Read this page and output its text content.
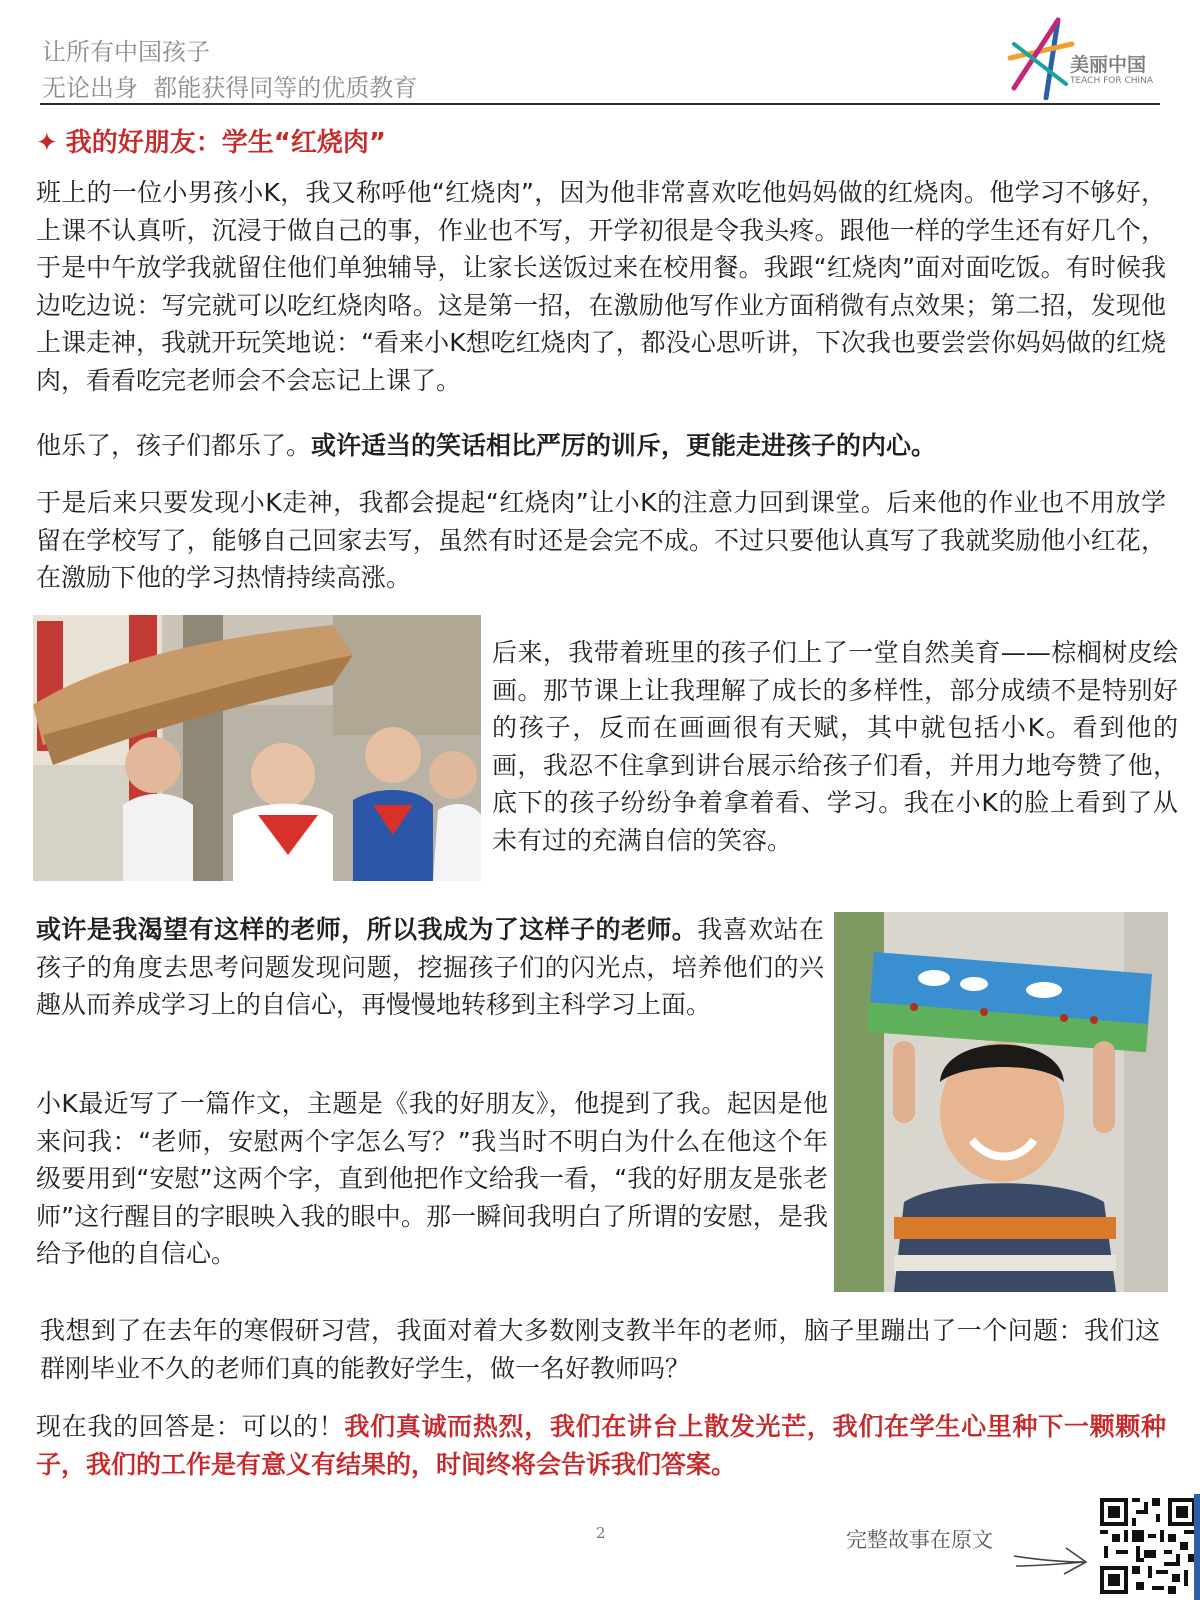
让所有中国孩子
无论出身  都能获得同等的优质教育
美丽中国
TEACH FOR CHINA
✦ 我的好朋友：学生“红烧肉”
班上的一位小男孩小K，我又称呼他“红烧肉”，因为他非常喜欢吃他妈妈做的红烧肉。他学习不够好，上课不认真听，沉浸于做自己的事，作业也不写，开学初很是令我头疼。跟他一样的学生还有好几个，于是中午放学我就留住他们单独辅导，让家长送饭过来在校用餐。我跟“红烧肉”面对面吃饭。有时候我边吃边说：写完就可以吃红烧肉咯。这是第一招，在激励他写作业方面稍微有点效果；第二招，发现他上课走神，我就开玩笑地说：“看来小K想吃红烧肉了，都没心思听讲，下次我也要尝尝你妈妈做的红烧肉，看看吃完老师会不会忘记上课了。
他乐了，孩子们都乐了。或许适当的笑话相比严厉的训斥，更能走进孩子的内心。
于是后来只要发现小K走神，我都会提起“红烧肉”让小K的注意力回到课堂。后来他的作业也不用放学留在学校写了，能够自己回家去写，虽然有时还是会完不成。不过只要他认真写了我就奖励他小红花，在激励下他的学习热情持续高涨。
后来，我带着班里的孩子们上了一堂自然美育——棕榈树皮绘画。那节课上让我理解了成长的多样性，部分成绩不是特别好的孩子，反而在画画很有天赋，其中就包括小K。看到他的画，我忍不住拿到讲台展示给孩子们看，并用力地夸赞了他，底下的孩子纷纷争着拿着看、学习。我在小K的脸上看到了从未有过的充满自信的笑容。
或许是我渴望有这样的老师，所以我成为了这样子的老师。我喜欢站在孩子的角度去思考问题发现问题，挖掘孩子们的闪光点，培养他们的兴趣从而养成学习上的自信心，再慢慢地转移到主科学习上面。
小K最近写了一篇作文，主题是《我的好朋友》，他提到了我。起因是他来问我：“老师，安慰两个字怎么写？”我当时不明白为什么在他这个年级要用到“安慰”这两个字，直到他把作文给我一看，“我的好朋友是张老师”这行醒目的字眼映入我的眼中。那一瞬间我明白了所谓的安慰，是我给予他的自信心。
我想到了在去年的寒假研习营，我面对着大多数刚支教半年的老师，脑子里蹦出了一个问题：我们这群刚毕业不久的老师们真的能教好学生，做一名好教师吗？
现在我的回答是：可以的！我们真诚而热烈，我们在讲台上散发光芒，我们在学生心里种下一颗颗种子，我们的工作是有意义有结果的，时间终将会告诉我们答案。
2	完整故事在原文
